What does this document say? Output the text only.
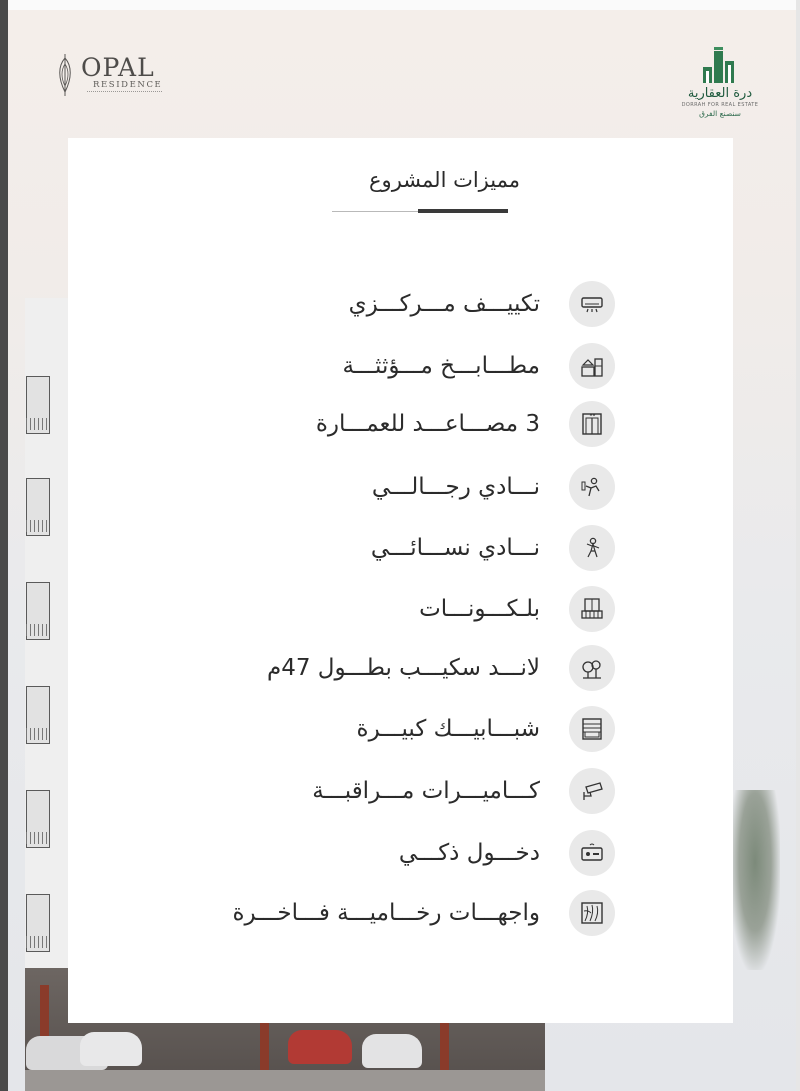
OPAL
RESIDENCE
درة العقارية
DORRAH FOR REAL ESTATE
سنصنع الفرق
مميزات المشروع
تكييـــف مـــركـــزي
مطـــابـــخ مـــؤثثـــة
3 مصـــاعـــد للعمـــارة
نـــادي رجـــالـــي
نـــادي نســـائـــي
بلـكـــونـــات
لانـــد سكيـــب بطـــول 47م
شبـــابيـــك كبيـــرة
كـــاميـــرات مـــراقبـــة
دخـــول ذكـــي
واجهـــات رخـــاميـــة فـــاخـــرة
